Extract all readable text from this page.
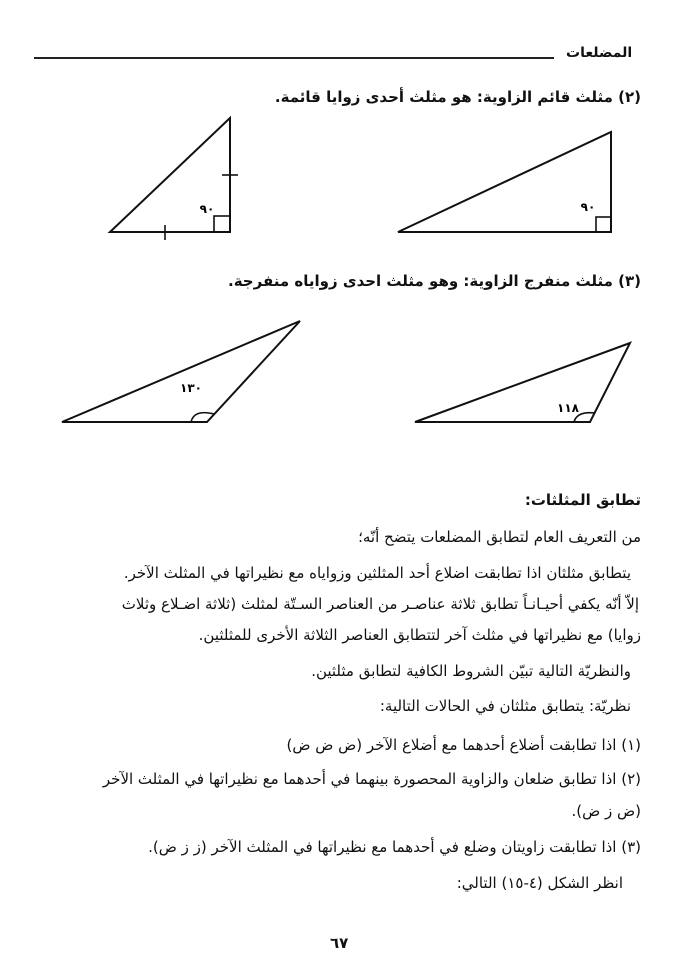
المضلعات
(٢) مثلث قائم الزاوية: هو مثلث أحدى زوايا قائمة.
٩٠	٩٠
(٣) مثلث منفرج الزاوية: وهو مثلث احدى زواياه منفرجة.
١٣٠
١١٨
تطابق المثلثات:
من التعريف العام لتطابق المضلعات يتضح أنّه؛
يتطابق مثلثان اذا تطابقت اضلاع أحد المثلثين وزواياه مع نظيراتها في المثلث الآخر.
إلاّ أنّه يكفي أحيـانـاً تطابق ثلاثة عناصـر من العناصر السـتّة لمثلث (ثلاثة اضـلاع وثلاث
زوايا) مع نظيراتها في مثلث آخر لتتطابق العناصر الثلاثة الأخرى للمثلثين.
والنظريّة التالية تبيّن الشروط الكافية لتطابق مثلثين.
نظريّة: يتطابق مثلثان في الحالات التالية:
(١) اذا تطابقت أضلاع أحدهما مع أضلاع الآخر (ض ض ض)
(٢) اذا تطابق ضلعان والزاوية المحصورة بينهما في أحدهما مع نظيراتها في المثلث الآخر
(ض ز ض).
(٣) اذا تطابقت زاويتان وضلع في أحدهما مع نظيراتها في المثلث الآخر (ز ز ض).
انظر الشكل (٤-١٥) التالي:
٦٧
